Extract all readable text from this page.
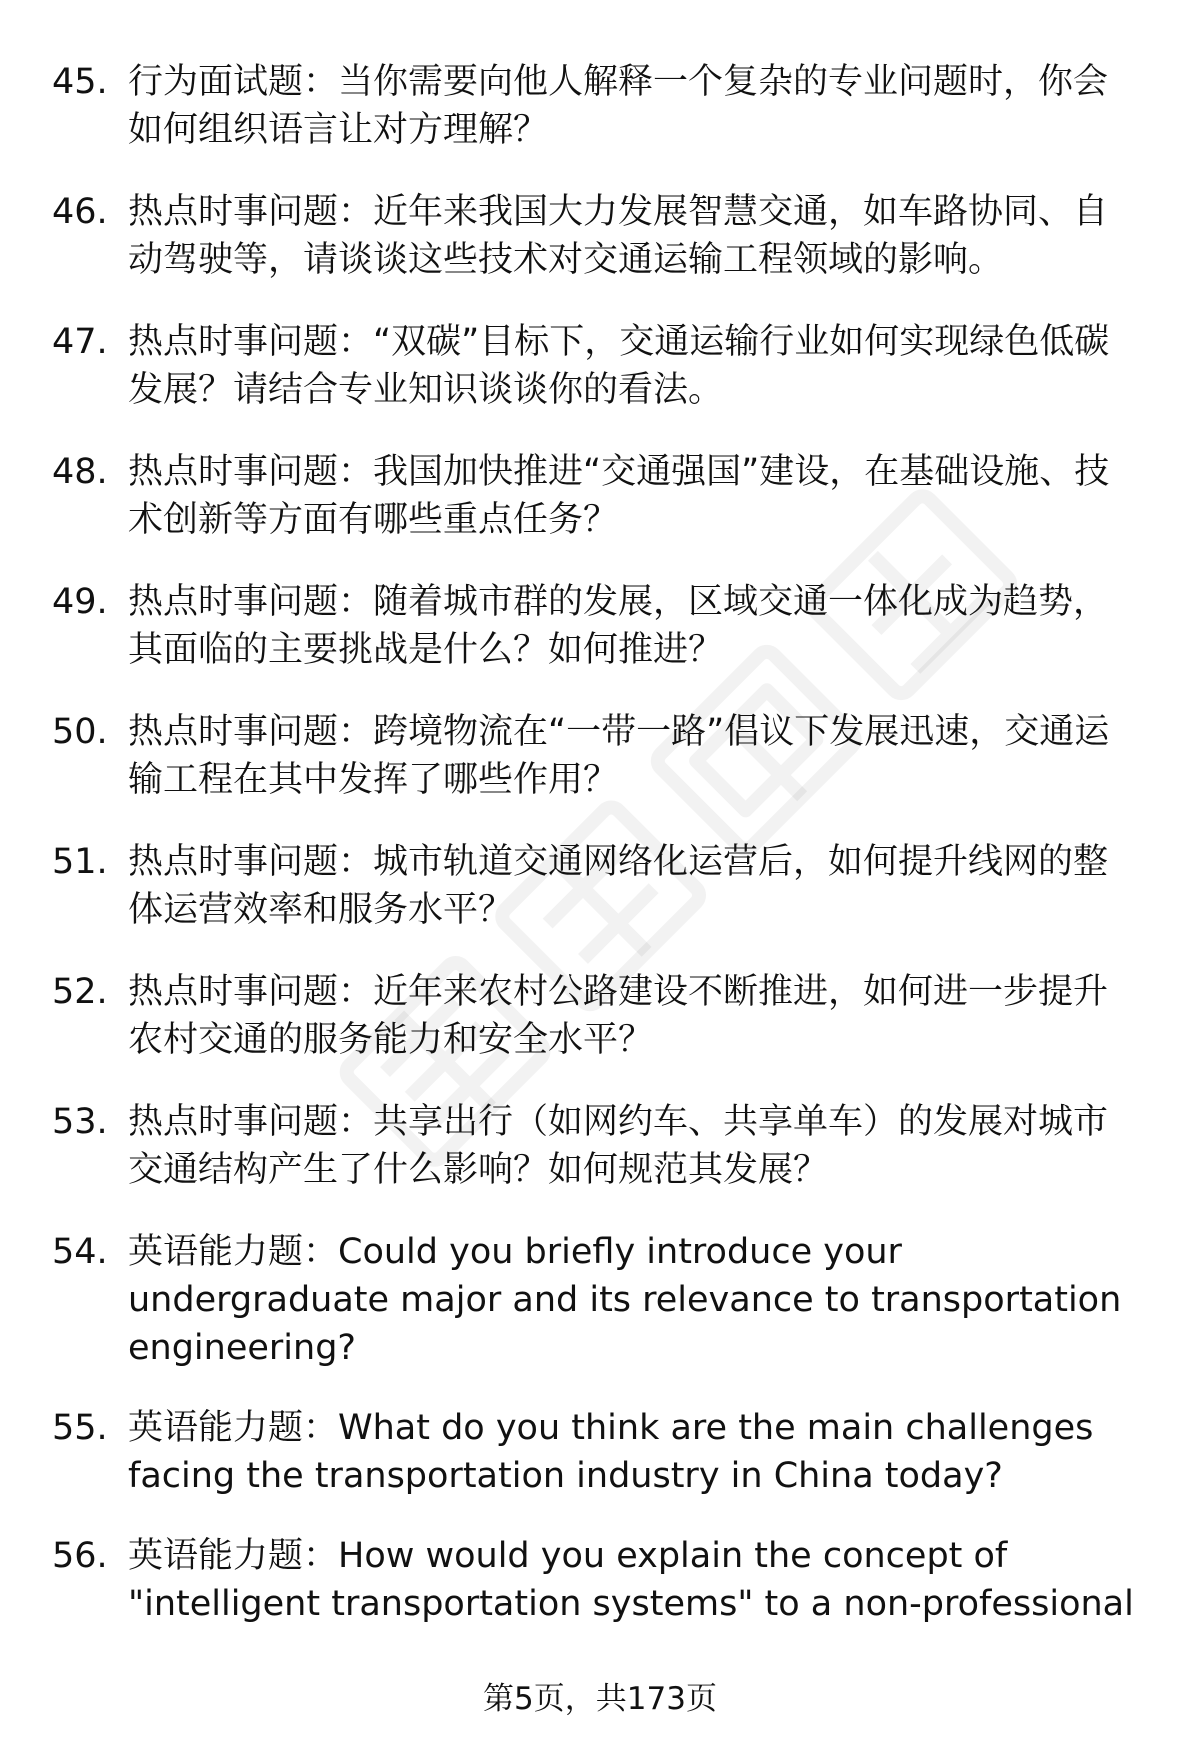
45. 行为面试题：当你需要向他人解释一个复杂的专业问题时，你会如何组织语言让对方理解？
46. 热点时事问题：近年来我国大力发展智慧交通，如车路协同、自动驾驶等，请谈谈这些技术对交通运输工程领域的影响。
47. 热点时事问题：“双碳”目标下，交通运输行业如何实现绿色低碳发展？请结合专业知识谈谈你的看法。
48. 热点时事问题：我国加快推进“交通强国”建设，在基础设施、技术创新等方面有哪些重点任务？
49. 热点时事问题：随着城市群的发展，区域交通一体化成为趋势，其面临的主要挑战是什么？如何推进？
50. 热点时事问题：跨境物流在“一带一路”倡议下发展迅速，交通运输工程在其中发挥了哪些作用？
51. 热点时事问题：城市轨道交通网络化运营后，如何提升线网的整体运营效率和服务水平？
52. 热点时事问题：近年来农村公路建设不断推进，如何进一步提升农村交通的服务能力和安全水平？
53. 热点时事问题：共享出行（如网约车、共享单车）的发展对城市交通结构产生了什么影响？如何规范其发展？
54. 英语能力题：Could you briefly introduce your undergraduate major and its relevance to transportation engineering?
55. 英语能力题：What do you think are the main challenges facing the transportation industry in China today?
56. 英语能力题：How would you explain the concept of "intelligent transportation systems" to a non-professional
第5页，共173页
